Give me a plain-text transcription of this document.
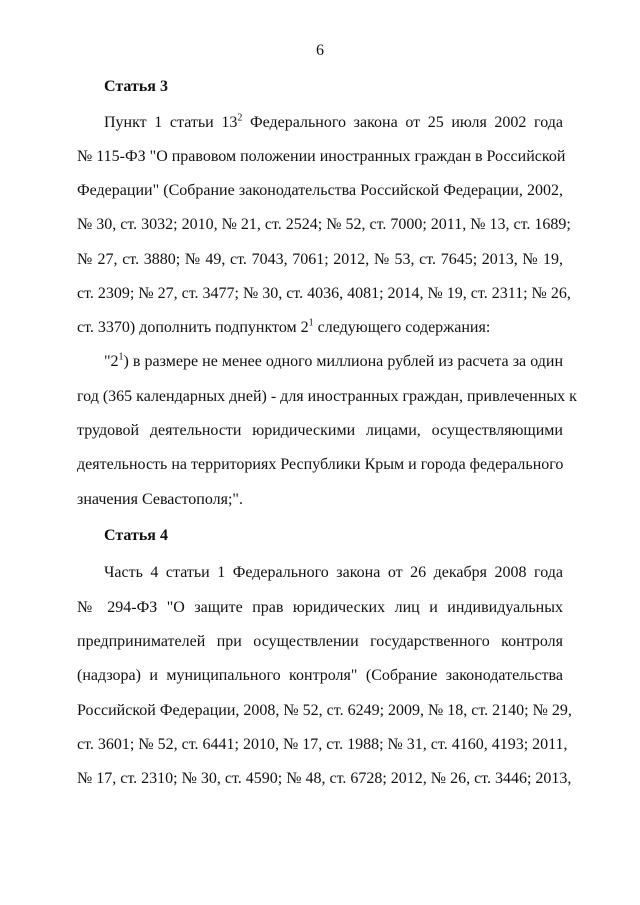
6
Статья 3
Пункт 1 статьи $13^2$ Федерального закона от 25 июля 2002 года
№ 115-ФЗ "О правовом положении иностранных граждан в Российской
Федерации" (Собрание законодательства Российской Федерации, 2002,
№ 30, ст. 3032; 2010, № 21, ст. 2524; № 52, ст. 7000; 2011, № 13, ст. 1689;
№ 27, ст. 3880; № 49, ст. 7043, 7061; 2012, № 53, ст. 7645; 2013, № 19,
ст. 2309; № 27, ст. 3477; № 30, ст. 4036, 4081; 2014, № 19, ст. 2311; № 26,
ст. 3370) дополнить подпунктом $2^1$ следующего содержания:
"$2^1$) в размере не менее одного миллиона рублей из расчета за один
год (365 календарных дней) - для иностранных граждан, привлеченных к
трудовой деятельности юридическими лицами, осуществляющими
деятельность на территориях Республики Крым и города федерального
значения Севастополя;".
Статья 4
Часть 4 статьи 1 Федерального закона от 26 декабря 2008 года
№ 294-ФЗ "О защите прав юридических лиц и индивидуальных
предпринимателей при осуществлении государственного контроля
(надзора) и муниципального контроля" (Собрание законодательства
Российской Федерации, 2008, № 52, ст. 6249; 2009, № 18, ст. 2140; № 29,
ст. 3601; № 52, ст. 6441; 2010, № 17, ст. 1988; № 31, ст. 4160, 4193; 2011,
№ 17, ст. 2310; № 30, ст. 4590; № 48, ст. 6728; 2012, № 26, ст. 3446; 2013,
